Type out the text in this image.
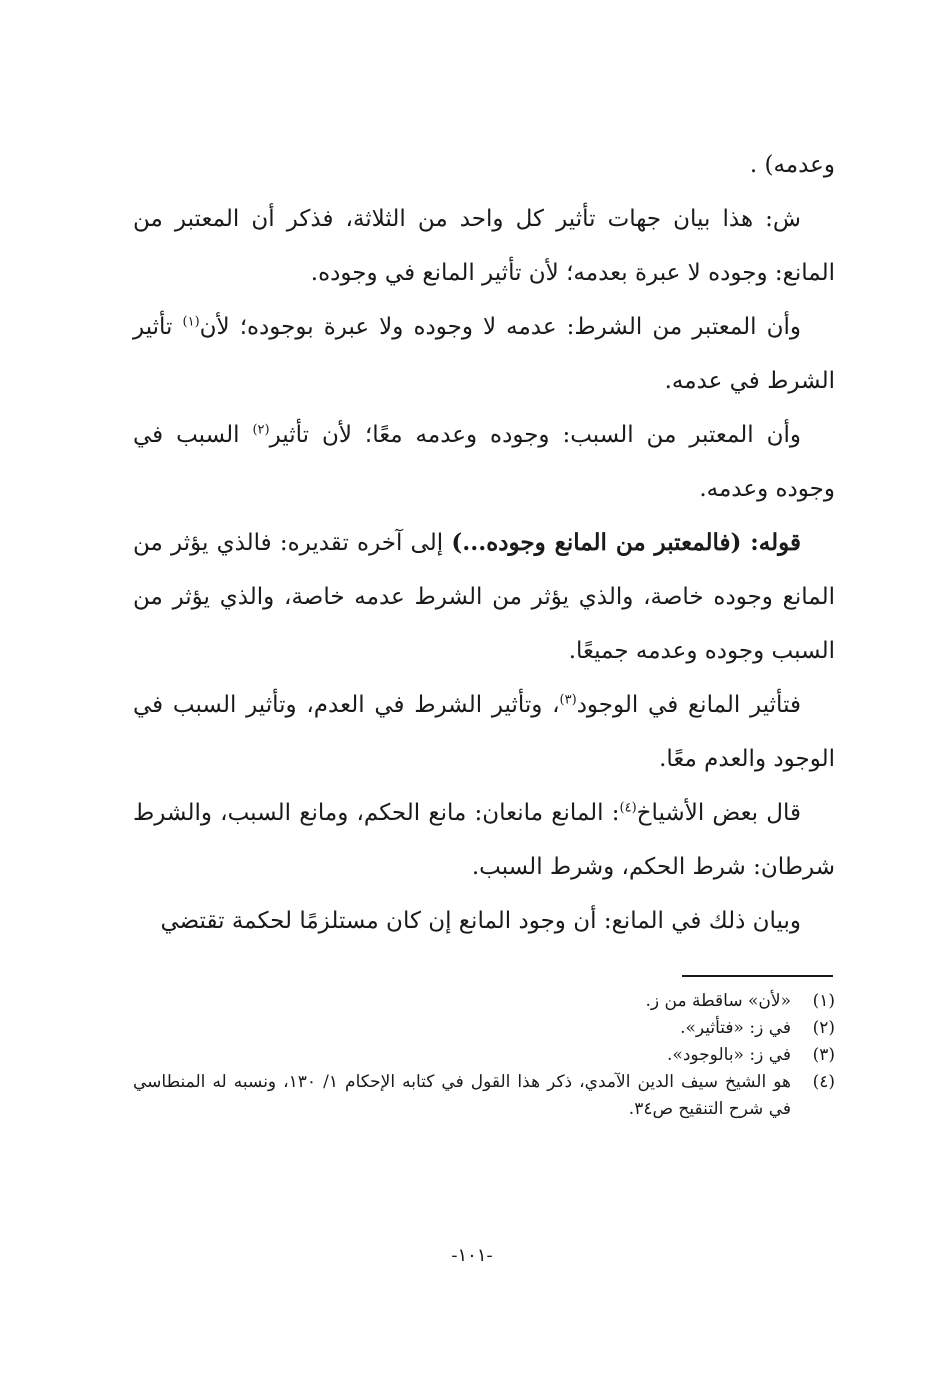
وعدمه) .

ش: هذا بيان جهات تأثير كل واحد من الثلاثة، فذكر أن المعتبر من المانع: وجوده لا عبرة بعدمه؛ لأن تأثير المانع في وجوده.

وأن المعتبر من الشرط: عدمه لا وجوده ولا عبرة بوجوده؛ لأن$^{(١)}$ تأثير الشرط في عدمه.

وأن المعتبر من السبب: وجوده وعدمه معًا؛ لأن تأثير$^{(٢)}$ السبب في وجوده وعدمه.

قوله: (فالمعتبر من المانع وجوده...) إلى آخره تقديره: فالذي يؤثر من المانع وجوده خاصة، والذي يؤثر من الشرط عدمه خاصة، والذي يؤثر من السبب وجوده وعدمه جميعًا.

فتأثير المانع في الوجود$^{(٣)}$، وتأثير الشرط في العدم، وتأثير السبب في الوجود والعدم معًا.

قال بعض الأشياخ$^{(٤)}$: المانع مانعان: مانع الحكم، ومانع السبب، والشرط شرطان: شرط الحكم، وشرط السبب.

وبيان ذلك في المانع: أن وجود المانع إن كان مستلزمًا لحكمة تقتضي

(١)
«لأن» ساقطة من ز.
(٢)
في ز: «فتأثير».
(٣)
في ز: «بالوجود».
(٤)
هو الشيخ سيف الدين الآمدي، ذكر هذا القول في كتابه الإحكام ١/ ١٣٠، ونسبه له المنطاسي في شرح التنقيح ص٣٤.
-١٠١-
